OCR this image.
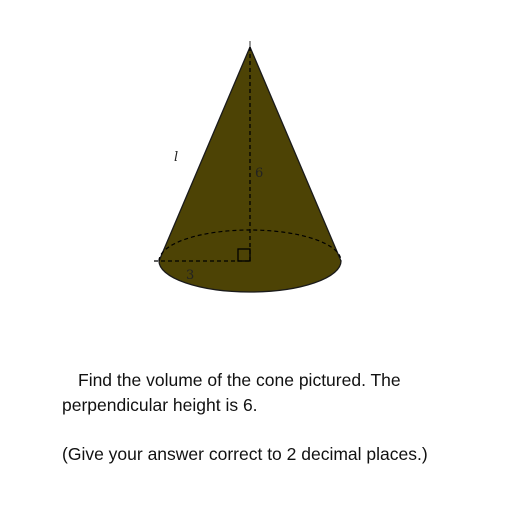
l
6
3

Find the volume of the cone pictured. The perpendicular height is 6.

(Give your answer correct to 2 decimal places.)
